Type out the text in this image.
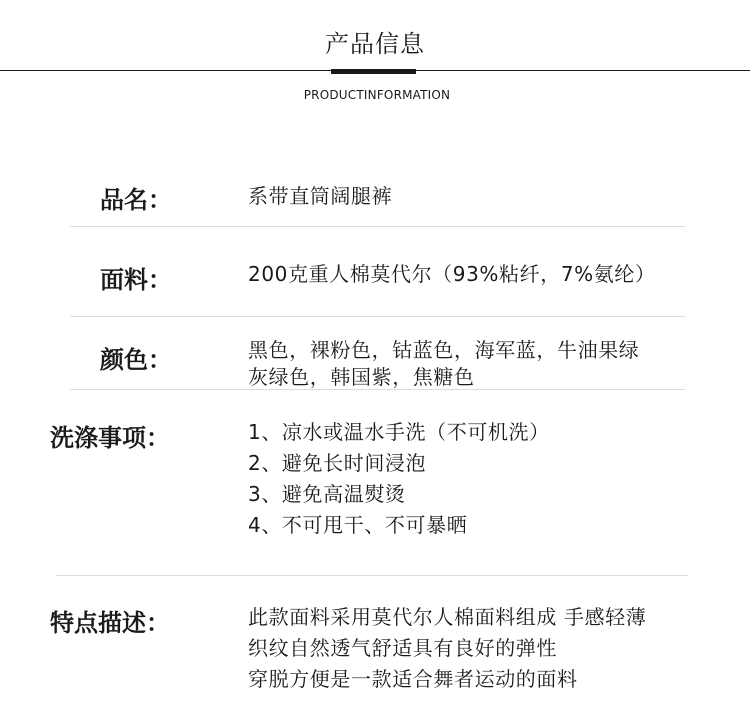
产品信息
PRODUCTINFORMATION
品名：	系带直筒阔腿裤
面料：	200克重人棉莫代尔（93%粘纤，7%氨纶）
颜色：	黑色，裸粉色，钴蓝色，海军蓝，牛油果绿
灰绿色，韩国紫，焦糖色
洗涤事项：	1、凉水或温水手洗（不可机洗）
2、避免长时间浸泡
3、避免高温熨烫
4、不可甩干、不可暴晒
特点描述：	此款面料采用莫代尔人棉面料组成 手感轻薄
织纹自然透气舒适具有良好的弹性
穿脱方便是一款适合舞者运动的面料
